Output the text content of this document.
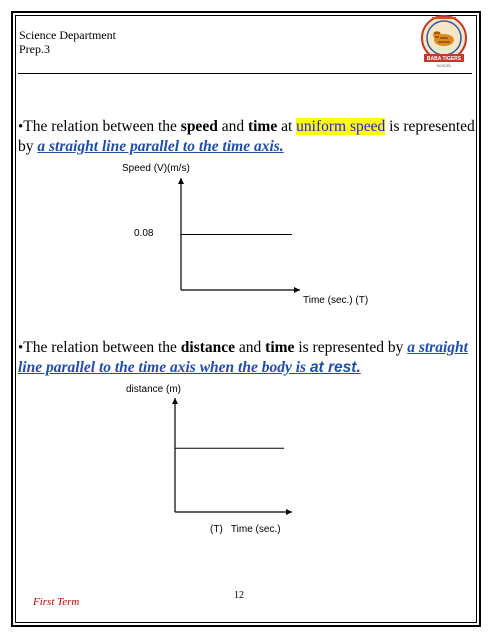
Science Department
Prep.3
BABA TIGERS
SCHOOL
•The relation between the speed and time at uniform speed is represented by a straight line parallel to the time axis.
Speed (V)(m/s)
0.08
Time (sec.) (T)
•The relation between the distance and time is represented by a straight line parallel to the time axis when the body is at rest.
distance (m)
(T)   Time (sec.)
First Term
12
